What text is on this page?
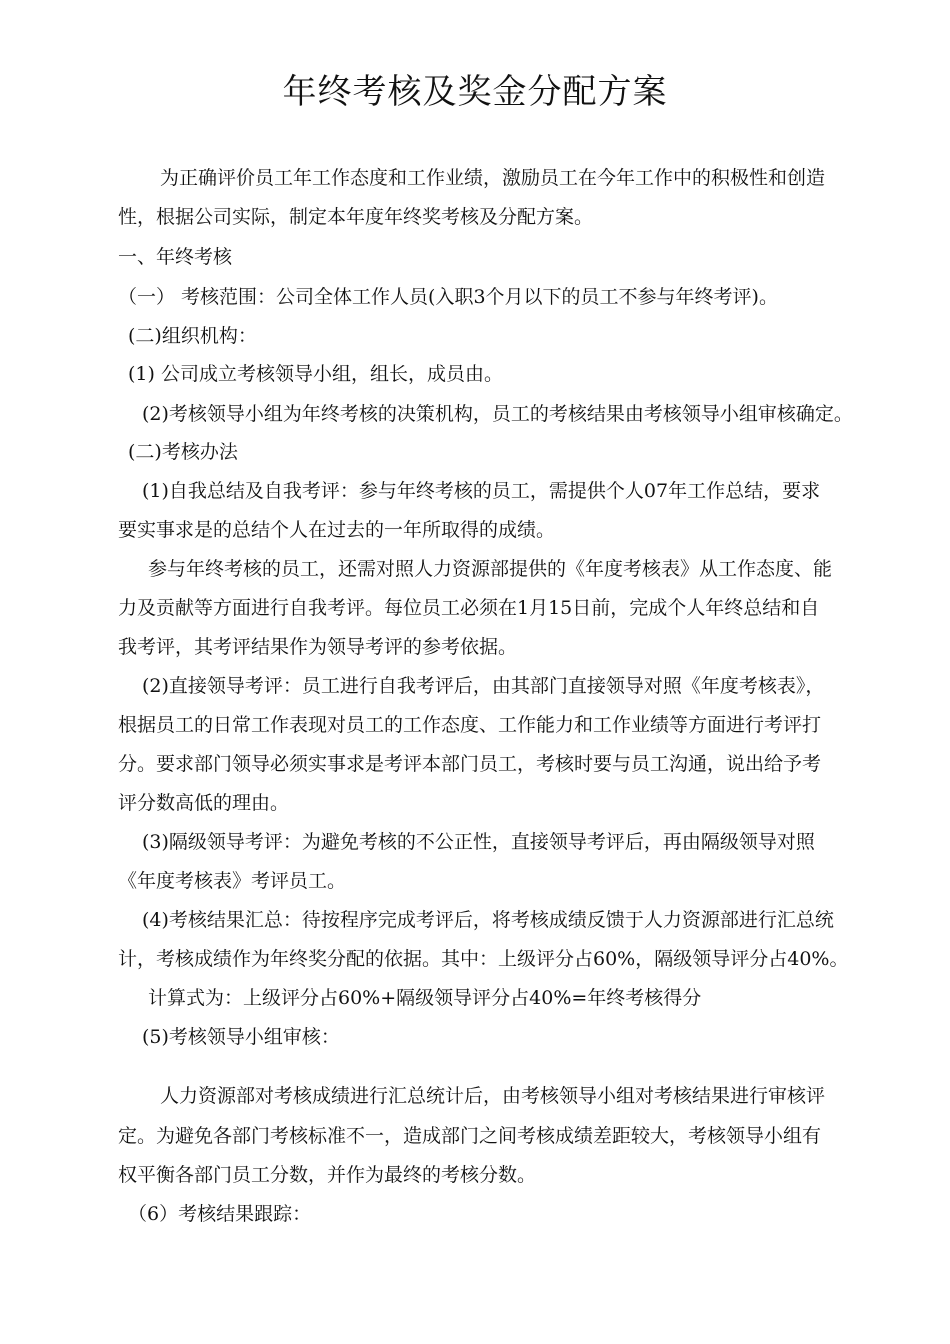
年终考核及奖金分配方案
为正确评价员工年工作态度和工作业绩，激励员工在今年工作中的积极性和创造
性，根据公司实际，制定本年度年终奖考核及分配方案。
一、年终考核
（一） 考核范围：公司全体工作人员(入职3个月以下的员工不参与年终考评)。
(二)组织机构：
(1) 公司成立考核领导小组，组长，成员由。
(2)考核领导小组为年终考核的决策机构，员工的考核结果由考核领导小组审核确定。
(二)考核办法
(1)自我总结及自我考评：参与年终考核的员工，需提供个人07年工作总结，要求
要实事求是的总结个人在过去的一年所取得的成绩。
参与年终考核的员工，还需对照人力资源部提供的《年度考核表》从工作态度、能
力及贡献等方面进行自我考评。每位员工必须在1月15日前，完成个人年终总结和自
我考评，其考评结果作为领导考评的参考依据。
(2)直接领导考评：员工进行自我考评后，由其部门直接领导对照《年度考核表》，
根据员工的日常工作表现对员工的工作态度、工作能力和工作业绩等方面进行考评打
分。要求部门领导必须实事求是考评本部门员工，考核时要与员工沟通，说出给予考
评分数高低的理由。
(3)隔级领导考评：为避免考核的不公正性，直接领导考评后，再由隔级领导对照
《年度考核表》考评员工。
(4)考核结果汇总：待按程序完成考评后，将考核成绩反馈于人力资源部进行汇总统
计，考核成绩作为年终奖分配的依据。其中：上级评分占60%，隔级领导评分占40%。
计算式为：上级评分占60%+隔级领导评分占40%=年终考核得分
(5)考核领导小组审核：
人力资源部对考核成绩进行汇总统计后，由考核领导小组对考核结果进行审核评
定。为避免各部门考核标准不一，造成部门之间考核成绩差距较大，考核领导小组有
权平衡各部门员工分数，并作为最终的考核分数。
（6）考核结果跟踪：
